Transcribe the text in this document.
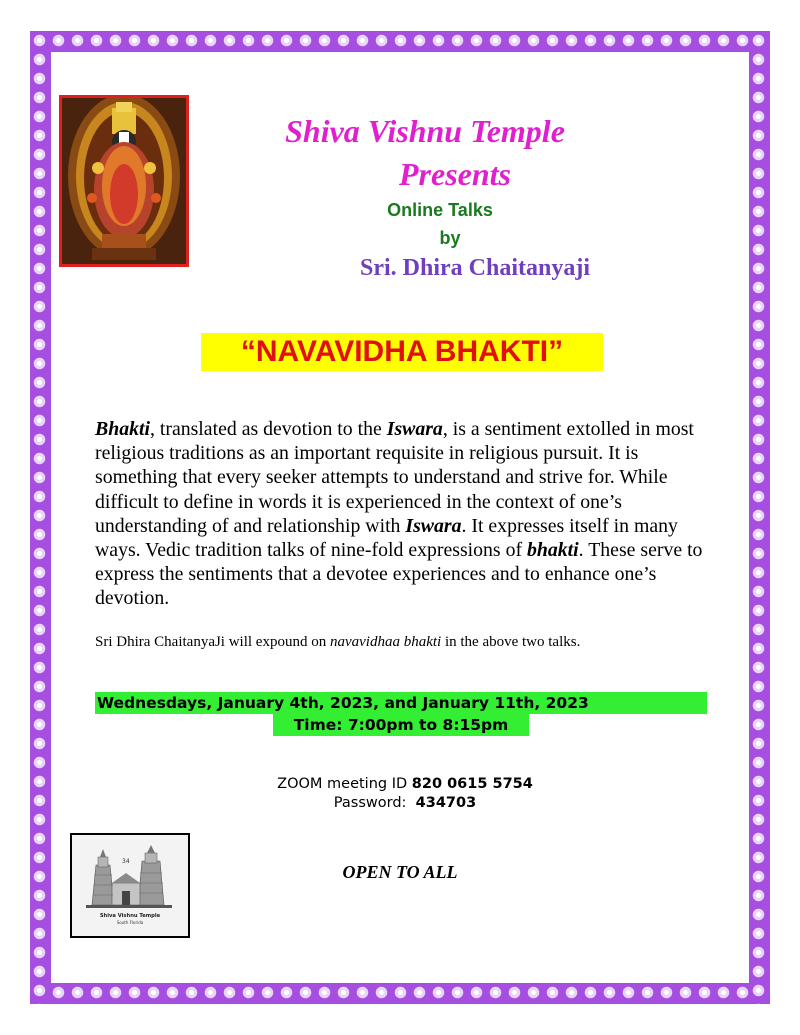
Shiva Vishnu Temple
Presents
Online Talks
by
Sri. Dhira Chaitanyaji
“NAVAVIDHA BHAKTI”

Bhakti, translated as devotion to the Iswara, is a sentiment extolled in most religious traditions as an important requisite in religious pursuit. It is something that every seeker attempts to understand and strive for. While difficult to define in words it is experienced in the context of one’s understanding of and relationship with Iswara. It expresses itself in many ways. Vedic tradition talks of nine-fold expressions of bhakti. These serve to express the sentiments that a devotee experiences and to enhance one’s devotion.

Sri Dhira ChaitanyaJi will expound on navavidhaa bhakti in the above two talks.

Wednesdays, January 4th, 2023, and January 11th, 2023
Time: 7:00pm to 8:15pm
ZOOM meeting ID 820 0615 5754
Password: 434703
34
Shiva Vishnu Temple
South Florida
OPEN TO ALL
